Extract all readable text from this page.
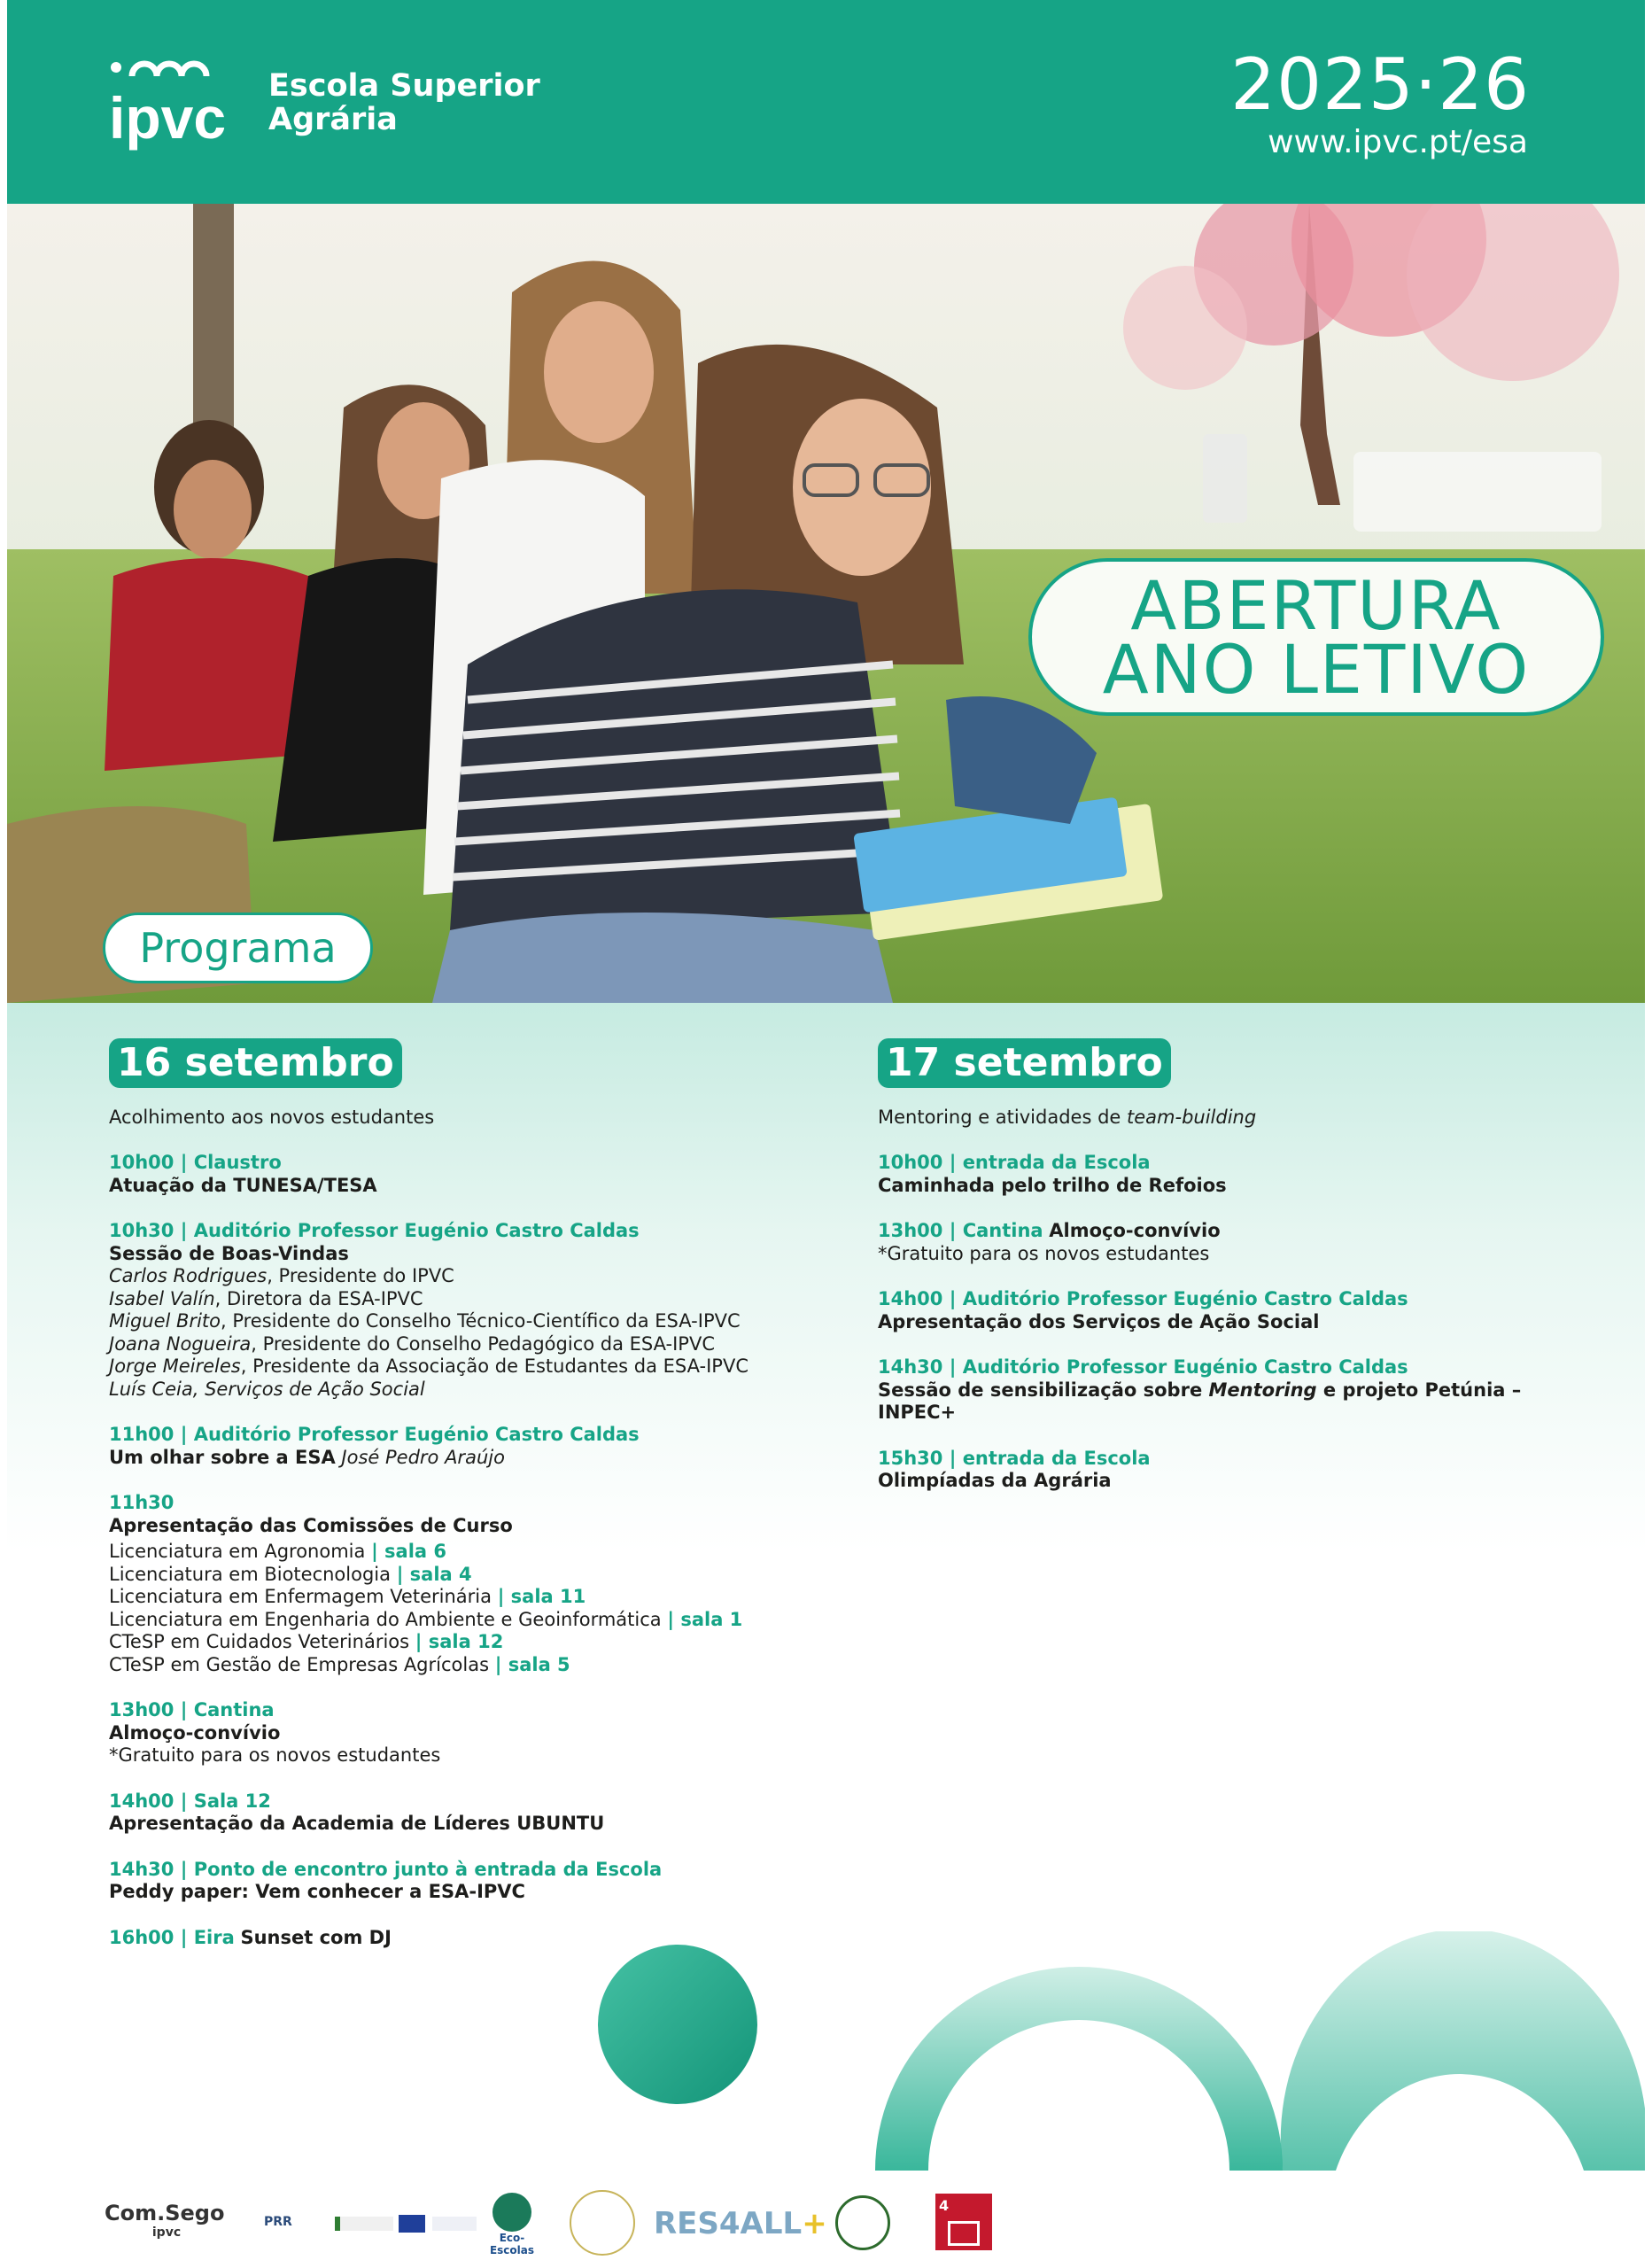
ipvc Escola Superior
Agrária	2025·26
www.ipvc.pt/esa
ABERTURA
ANO LETIVO
Programa
16 setembro
Acolhimento aos novos estudantes
10h00 | Claustro
Atuação da TUNESA/TESA
10h30 | Auditório Professor Eugénio Castro Caldas
Sessão de Boas-Vindas
Carlos Rodrigues, Presidente do IPVC
Isabel Valín, Diretora da ESA-IPVC
Miguel Brito, Presidente do Conselho Técnico-Científico da ESA-IPVC
Joana Nogueira, Presidente do Conselho Pedagógico da ESA-IPVC
Jorge Meireles, Presidente da Associação de Estudantes da ESA-IPVC
Luís Ceia, Serviços de Ação Social
11h00 | Auditório Professor Eugénio Castro Caldas
Um olhar sobre a ESA José Pedro Araújo
11h30
Apresentação das Comissões de Curso
Licenciatura em Agronomia | sala 6
Licenciatura em Biotecnologia | sala 4
Licenciatura em Enfermagem Veterinária | sala 11
Licenciatura em Engenharia do Ambiente e Geoinformática | sala 1
CTeSP em Cuidados Veterinários | sala 12
CTeSP em Gestão de Empresas Agrícolas | sala 5
13h00 | Cantina
Almoço-convívio
*Gratuito para os novos estudantes
14h00 | Sala 12
Apresentação da Academia de Líderes UBUNTU
14h30 | Ponto de encontro junto à entrada da Escola
Peddy paper: Vem conhecer a ESA-IPVC
16h00 | Eira Sunset com DJ
17 setembro
Mentoring e atividades de team-building
10h00 | entrada da Escola
Caminhada pelo trilho de Refoios
13h00 | Cantina Almoço-convívio
*Gratuito para os novos estudantes
14h00 | Auditório Professor Eugénio Castro Caldas
Apresentação dos Serviços de Ação Social
14h30 | Auditório Professor Eugénio Castro Caldas
Sessão de sensibilização sobre Mentoring e projeto Petúnia – INPEC+
15h30 | entrada da Escola
Olimpíadas da Agrária
Com.Sego
ipvc
PRR
Eco-Escolas
RES4ALL+
4
